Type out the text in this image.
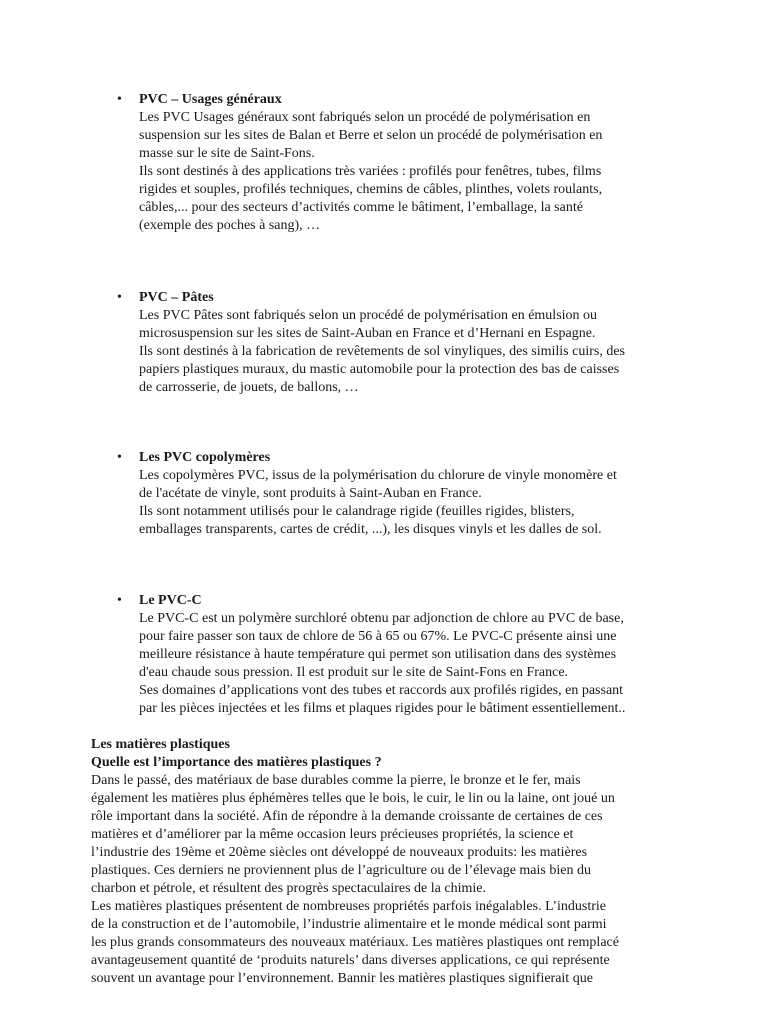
• PVC – Usages généraux
Les PVC Usages généraux sont fabriqués selon un procédé de polymérisation en
suspension sur les sites de Balan et Berre et selon un procédé de polymérisation en
masse sur le site de Saint-Fons.
Ils sont destinés à des applications très variées : profilés pour fenêtres, tubes, films
rigides et souples, profilés techniques, chemins de câbles, plinthes, volets roulants,
câbles,... pour des secteurs d’activités comme le bâtiment, l’emballage, la santé
(exemple des poches à sang), …
• PVC – Pâtes
Les PVC Pâtes sont fabriqués selon un procédé de polymérisation en émulsion ou
microsuspension sur les sites de Saint-Auban en France et d’Hernani en Espagne.
Ils sont destinés à la fabrication de revêtements de sol vinyliques, des similis cuirs, des
papiers plastiques muraux, du mastic automobile pour la protection des bas de caisses
de carrosserie, de jouets, de ballons, …
• Les PVC copolymères
Les copolymères PVC, issus de la polymérisation du chlorure de vinyle monomère et
de l'acétate de vinyle, sont produits à Saint-Auban en France.
Ils sont notamment utilisés pour le calandrage rigide (feuilles rigides, blisters,
emballages transparents, cartes de crédit, ...), les disques vinyls et les dalles de sol.
• Le PVC-C
Le PVC-C est un polymère surchloré obtenu par adjonction de chlore au PVC de base,
pour faire passer son taux de chlore de 56 à 65 ou 67%. Le PVC-C présente ainsi une
meilleure résistance à haute température qui permet son utilisation dans des systèmes
d'eau chaude sous pression. Il est produit sur le site de Saint-Fons en France.
Ses domaines d’applications vont des tubes et raccords aux profilés rigides, en passant
par les pièces injectées et les films et plaques rigides pour le bâtiment essentiellement..
Les matières plastiques
Quelle est l’importance des matières plastiques ?
Dans le passé, des matériaux de base durables comme la pierre, le bronze et le fer, mais
également les matières plus éphémères telles que le bois, le cuir, le lin ou la laine, ont joué un
rôle important dans la société. Afin de répondre à la demande croissante de certaines de ces
matières et d’améliorer par la même occasion leurs précieuses propriétés, la science et
l’industrie des 19ème et 20ème siècles ont développé de nouveaux produits: les matières
plastiques. Ces derniers ne proviennent plus de l’agriculture ou de l’élevage mais bien du
charbon et pétrole, et résultent des progrès spectaculaires de la chimie.
Les matières plastiques présentent de nombreuses propriétés parfois inégalables. L’industrie
de la construction et de l’automobile, l’industrie alimentaire et le monde médical sont parmi
les plus grands consommateurs des nouveaux matériaux. Les matières plastiques ont remplacé
avantageusement quantité de ‘produits naturels’ dans diverses applications, ce qui représente
souvent un avantage pour l’environnement. Bannir les matières plastiques signifierait que
